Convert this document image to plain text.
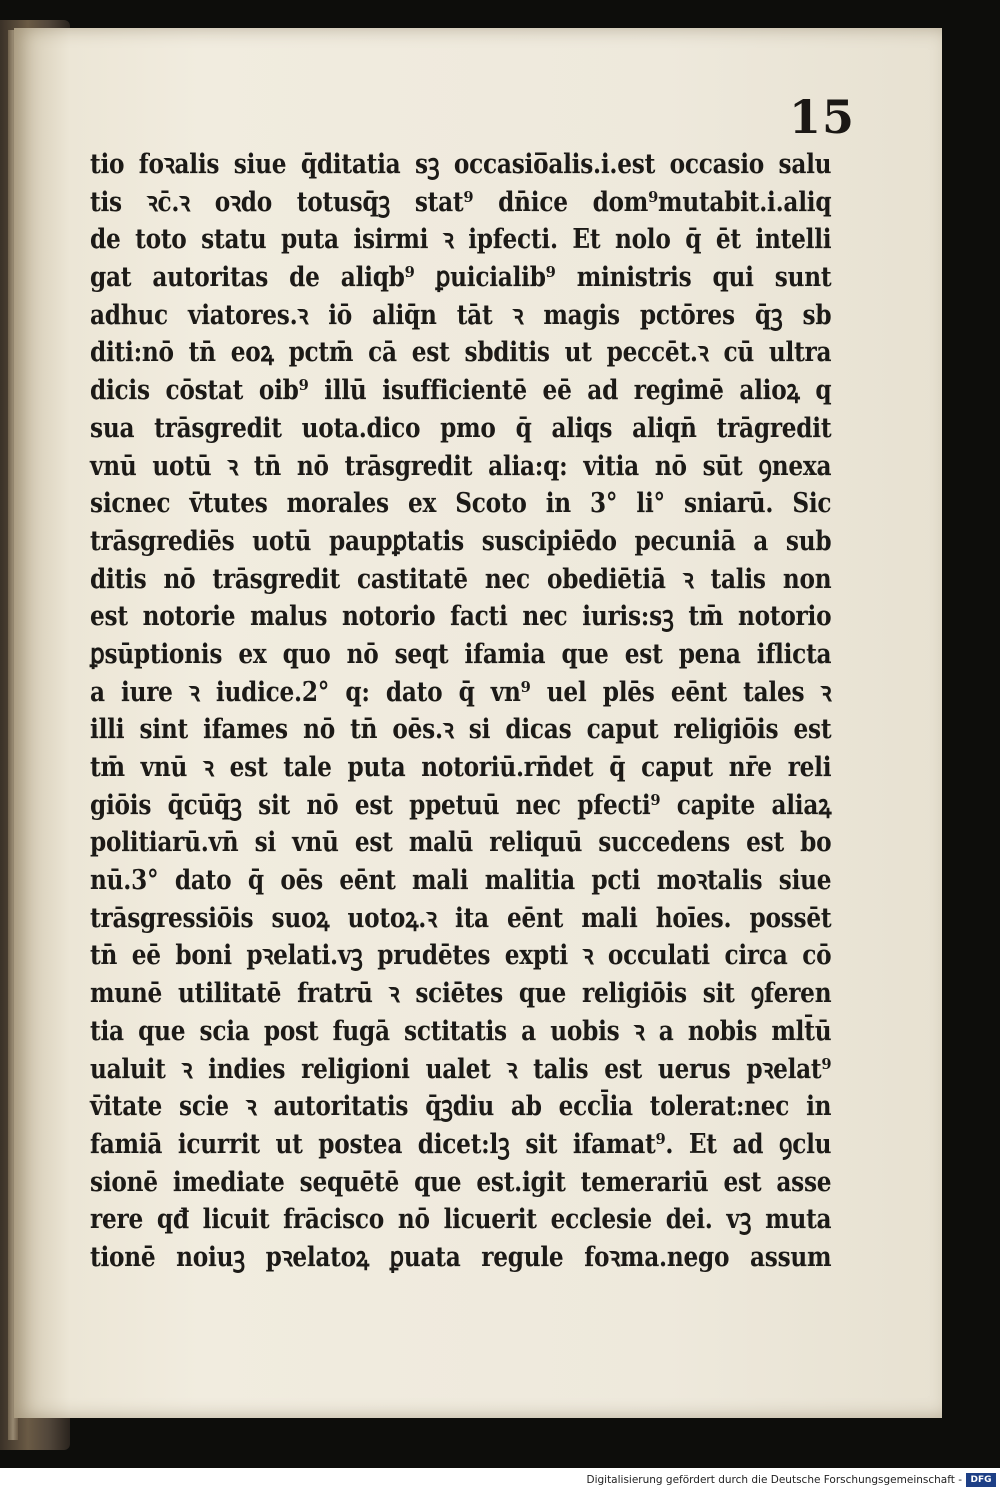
15
tio foꝛalis siue q̄ditatia sꝫ occasio̅alis.i.est occasio salu
tis ꝛc̄.ꝛ oꝛdo totusq̄ꝫ stat⁹ dn̄ice dom⁹mutabit.i.aliq
de toto statu puta isirmi ꝛ ipfecti. Et nolo q̄ ēt intelli
gat autoritas de aliqb⁹ ꝑuicialib⁹ ministris qui sunt
adhuc viatores.ꝛ iō aliq̄n tāt ꝛ magis pctōres q̄ꝫ sb
diti:nō tn̄ eoꝝ pctm̄ cā est sbditis ut peccēt.ꝛ cū ultra
dicis cōstat oib⁹ illū isufficientē eē ad regimē alioꝝ q
sua trāsgredit uota.dico pmo q̄ aliqs aliqn̄ trāgredit
vnū uotū ꝛ tn̄ nō trāsgredit alia:q: vitia nō sūt ꝯnexa
sicnec v̄tutes morales ex Scoto in 3° li° sniarū. Sic
trāsgrediēs uotū paupꝑtatis suscipiēdo pecuniā a sub
ditis nō trāsgredit castitatē nec obediētiā ꝛ talis non
est notorie malus notorio facti nec iuris:sꝫ tm̄ notorio
ꝑsūptionis ex quo nō seqt ifamia que est pena iflicta
a iure ꝛ iudice.2° q: dato q̄ vn⁹ uel plēs eēnt tales ꝛ
illi sint ifames nō tn̄ oēs.ꝛ si dicas caput religiōis est
tm̄ vnū ꝛ est tale puta notoriū.rn̄det q̄ caput nr̄e reli
giōis q̄cūq̄ꝫ sit nō est ppetuū nec pfecti⁹ capite aliaꝝ
politiarū.vn̄ si vnū est malū reliquū succedens est bo
nū.3° dato q̄ oēs eēnt mali malitia pcti moꝛtalis siue
trāsgressiōis suoꝝ uotoꝝ.ꝛ ita eēnt mali hoīes. possēt
tn̄ eē boni pꝛelati.vꝫ prudētes expti ꝛ occulati circa cō
munē utilitatē fratrū ꝛ sciētes que religiōis sit ꝯferen
tia que scia post fugā sctitatis a uobis ꝛ a nobis mlt̄ū
ualuit ꝛ indies religioni ualet ꝛ talis est uerus pꝛelat⁹
v̄itate scie ꝛ autoritatis q̄ꝫdiu ab eccl̄ia tolerat:nec in
famiā icurrit ut postea dicet:lꝫ sit ifamat⁹. Et ad ꝯclu
sionē imediate sequētē que est.igit temerariū est asse
rere qđ licuit frācisco nō licuerit ecclesie dei. vꝫ muta
tionē noiuꝫ pꝛelatoꝝ ꝑuata regule foꝛma.nego assum
Digitalisierung gefördert durch die Deutsche Forschungsgemeinschaft - DFG
